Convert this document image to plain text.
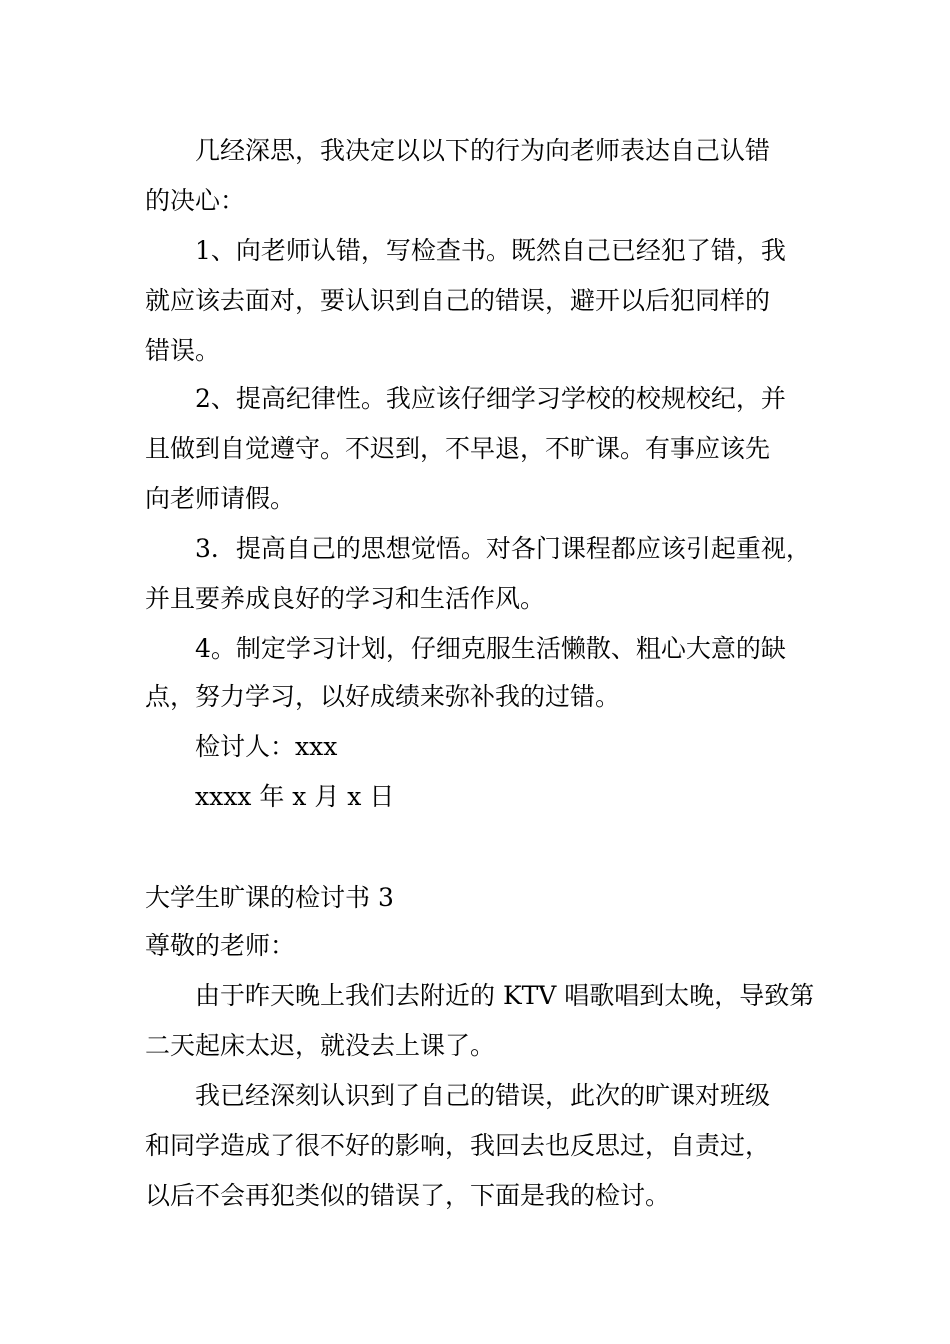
几经深思，我决定以以下的行为向老师表达自己认错
的决心：
1、向老师认错，写检查书。既然自己已经犯了错，我
就应该去面对，要认识到自己的错误，避开以后犯同样的
错误。
2、提高纪律性。我应该仔细学习学校的校规校纪，并
且做到自觉遵守。不迟到，不早退，不旷课。有事应该先
向老师请假。
3．提高自己的思想觉悟。对各门课程都应该引起重视，
并且要养成良好的学习和生活作风。
4。制定学习计划，仔细克服生活懒散、粗心大意的缺
点，努力学习，以好成绩来弥补我的过错。
检讨人：xxx
xxxx 年 x 月 x 日
大学生旷课的检讨书 3
尊敬的老师：
由于昨天晚上我们去附近的 KTV 唱歌唱到太晚，导致第
二天起床太迟，就没去上课了。
我已经深刻认识到了自己的错误，此次的旷课对班级
和同学造成了很不好的影响，我回去也反思过，自责过，
以后不会再犯类似的错误了，下面是我的检讨。
